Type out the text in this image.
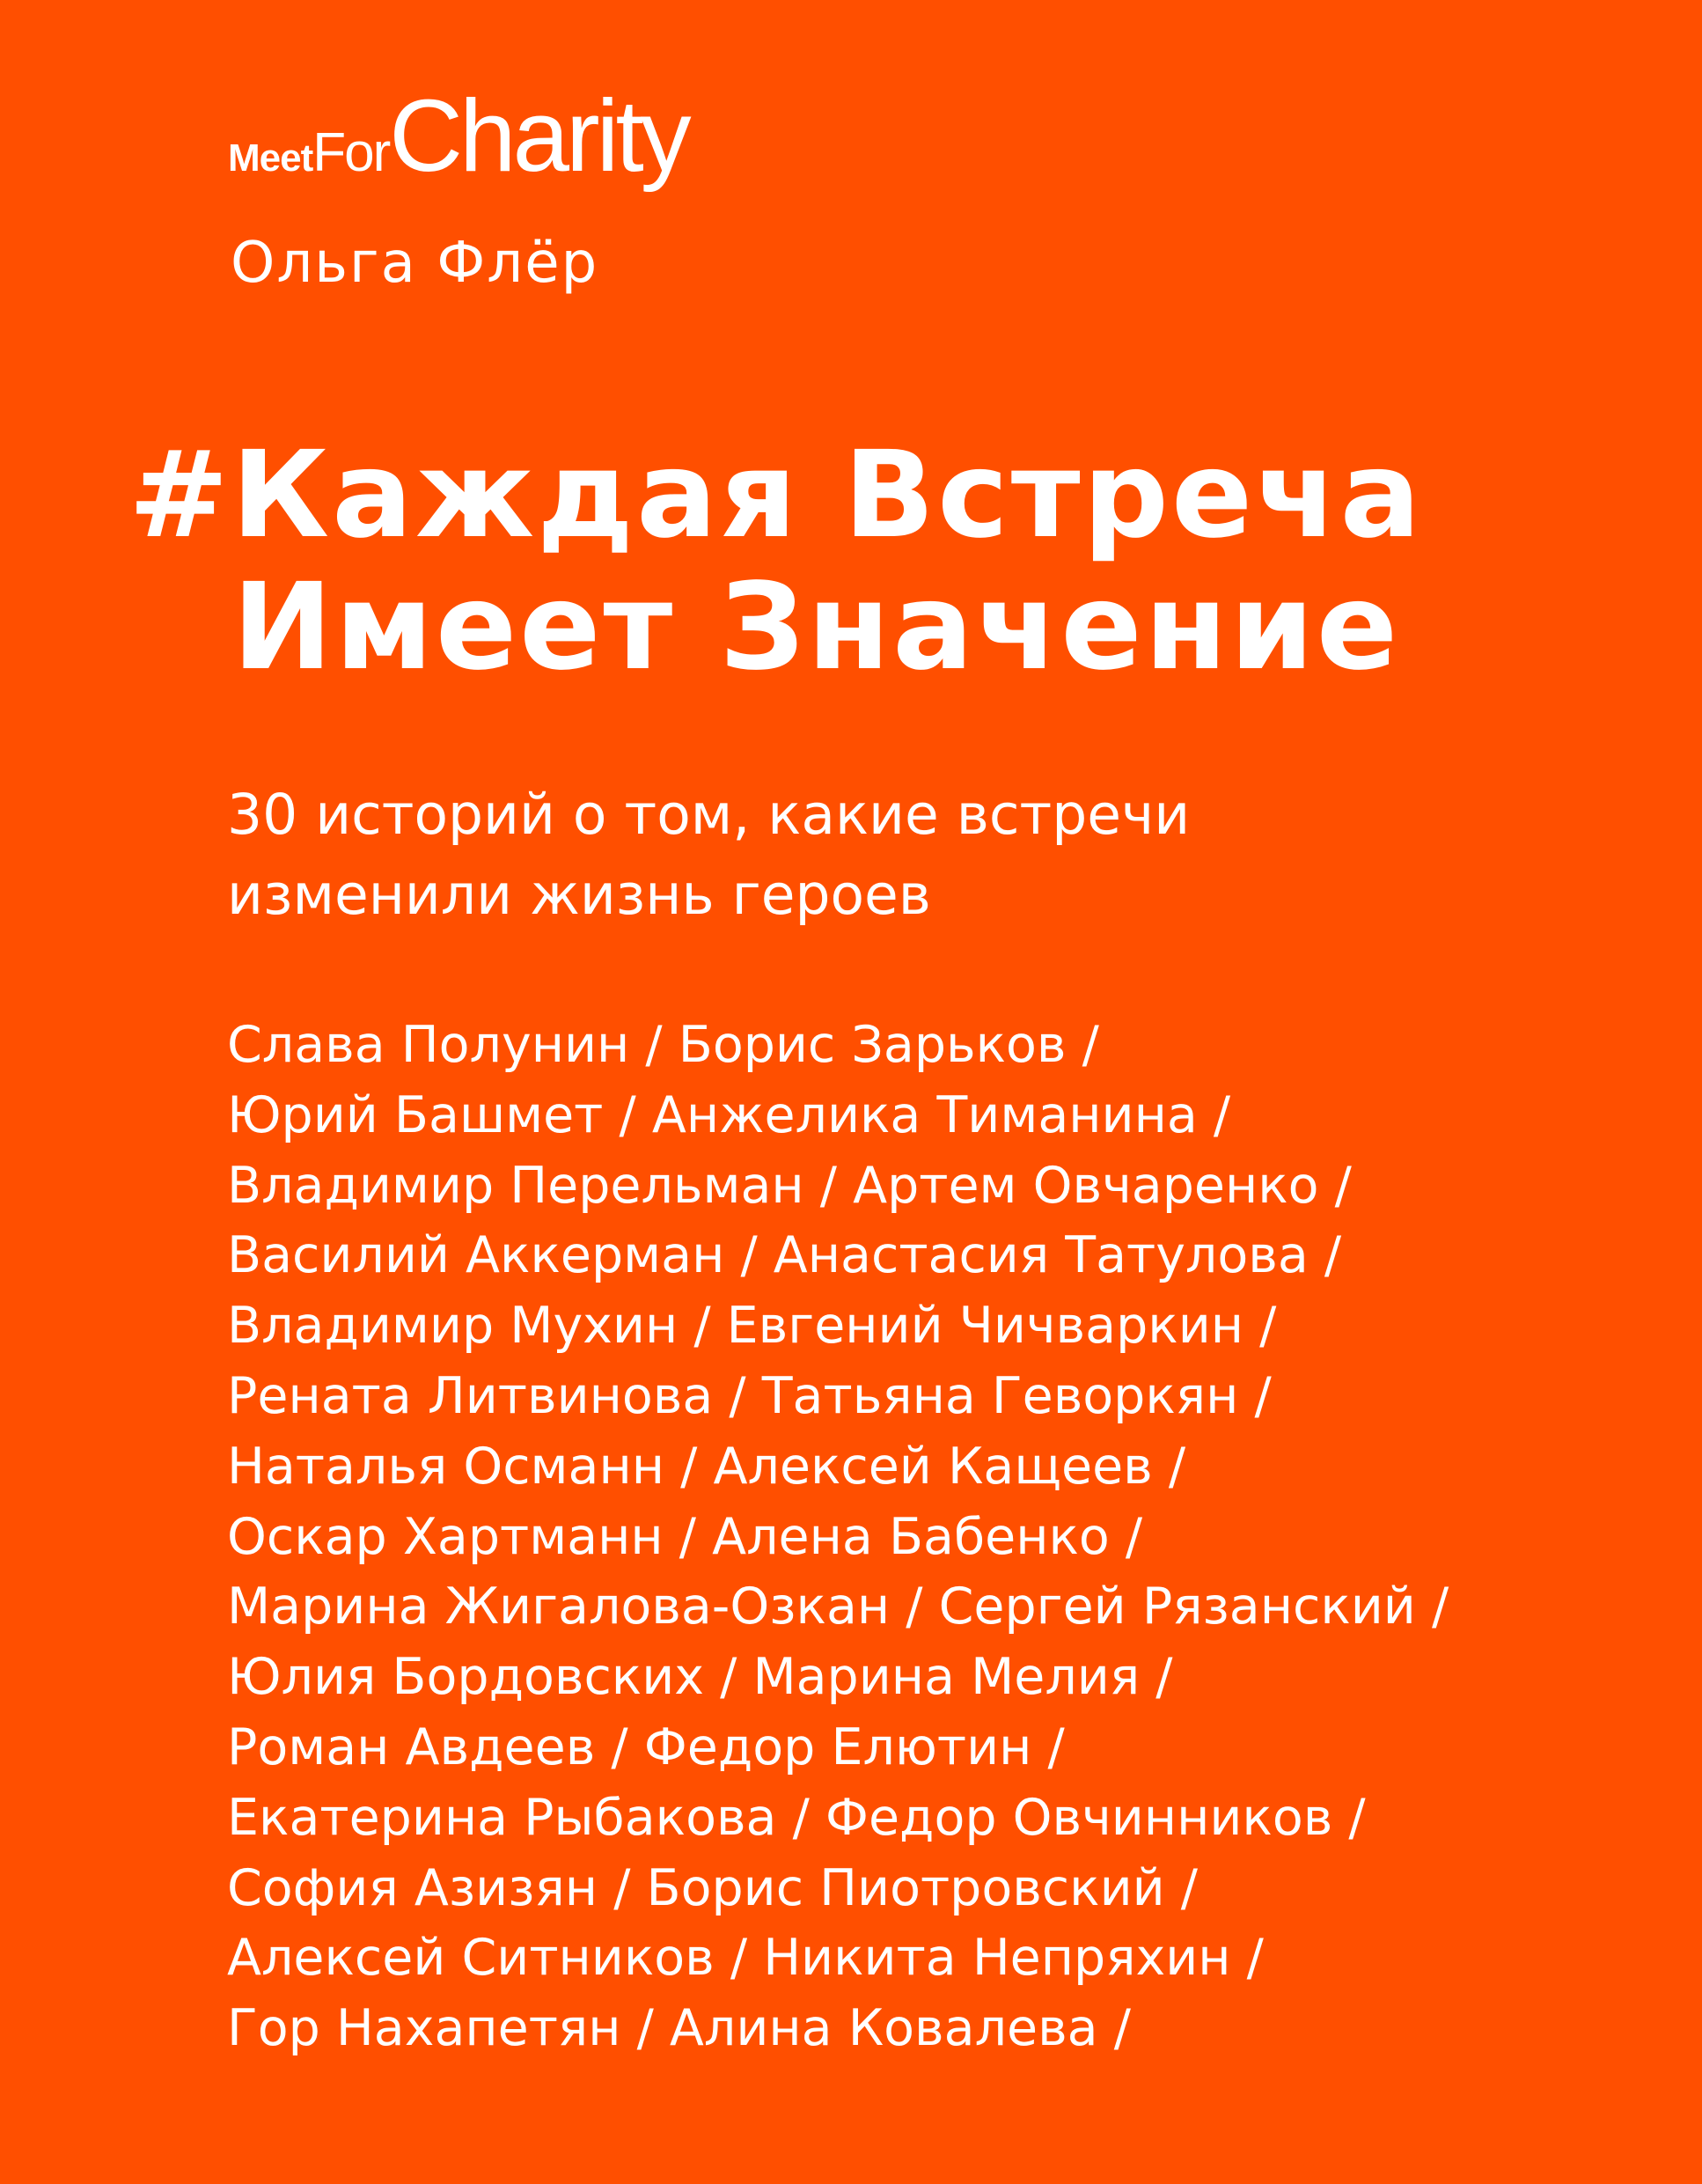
MeetForCharity
Ольга Флёр
#Каждая Встреча
Имеет Значение

30 историй о том, какие встречи
изменили жизнь героев

Слава Полунин / Борис Зарьков /
Юрий Башмет / Анжелика Тиманина /
Владимир Перельман / Артем Овчаренко /
Василий Аккерман / Анастасия Татулова /
Владимир Мухин / Евгений Чичваркин /
Рената Литвинова / Татьяна Геворкян /
Наталья Османн / Алексей Кащеев /
Оскар Хартманн / Алена Бабенко /
Марина Жигалова-Озкан / Сергей Рязанский /
Юлия Бордовских / Марина Мелия /
Роман Авдеев / Федор Елютин /
Екатерина Рыбакова / Федор Овчинников /
София Азизян / Борис Пиотровский /
Алексей Ситников / Никита Непряхин /
Гор Нахапетян / Алина Ковалева /
